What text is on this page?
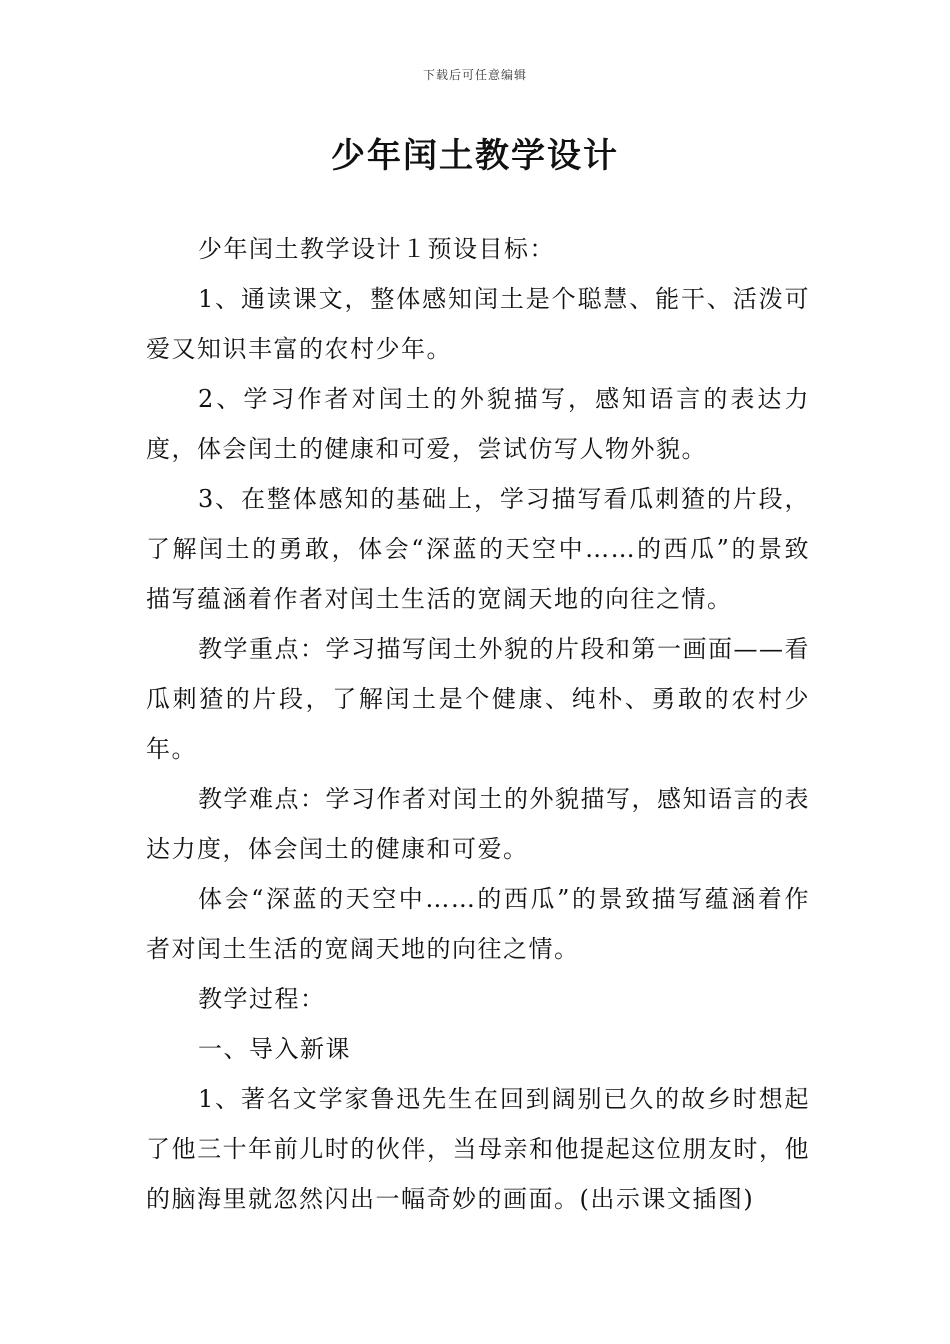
下载后可任意编辑
少年闰土教学设计

少年闰土教学设计１预设目标：

1、通读课文，整体感知闰土是个聪慧、能干、活泼可爱又知识丰富的农村少年。

2、学习作者对闰土的外貌描写，感知语言的表达力度，体会闰土的健康和可爱，尝试仿写人物外貌。

3、在整体感知的基础上，学习描写看瓜刺猹的片段，了解闰土的勇敢，体会“深蓝的天空中……的西瓜”的景致描写蕴涵着作者对闰土生活的宽阔天地的向往之情。

教学重点：学习描写闰土外貌的片段和第一画面——看瓜刺猹的片段，了解闰土是个健康、纯朴、勇敢的农村少年。

教学难点：学习作者对闰土的外貌描写，感知语言的表达力度，体会闰土的健康和可爱。

体会“深蓝的天空中……的西瓜”的景致描写蕴涵着作者对闰土生活的宽阔天地的向往之情。

教学过程：

一、导入新课

1、著名文学家鲁迅先生在回到阔别已久的故乡时想起了他三十年前儿时的伙伴，当母亲和他提起这位朋友时，他的脑海里就忽然闪出一幅奇妙的画面。(出示课文插图)
